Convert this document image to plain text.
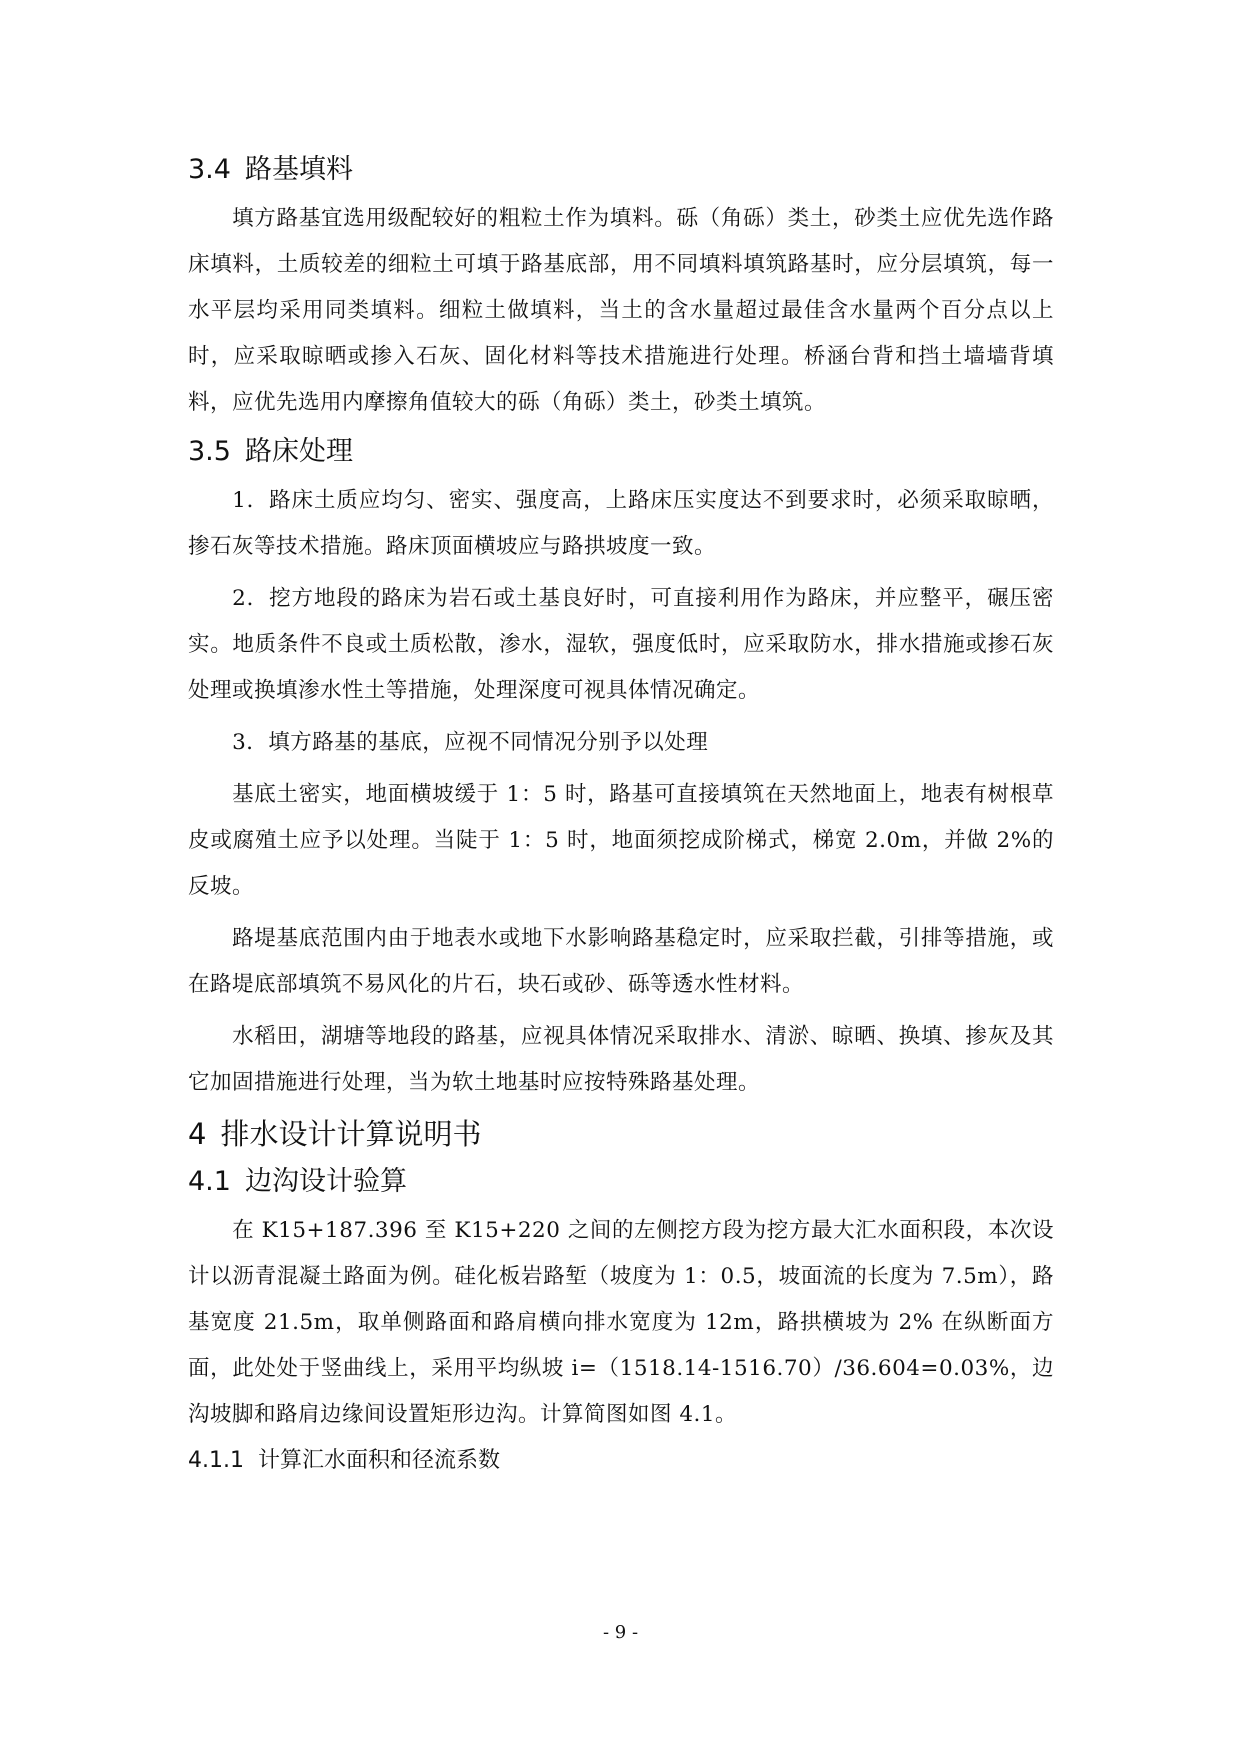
3.4 路基填料

填方路基宜选用级配较好的粗粒土作为填料。砾（角砾）类土，砂类土应优先选作路床填料，土质较差的细粒土可填于路基底部，用不同填料填筑路基时，应分层填筑，每一水平层均采用同类填料。细粒土做填料，当土的含水量超过最佳含水量两个百分点以上时，应采取晾晒或掺入石灰、固化材料等技术措施进行处理。桥涵台背和挡土墙墙背填料，应优先选用内摩擦角值较大的砾（角砾）类土，砂类土填筑。

3.5 路床处理

1．路床土质应均匀、密实、强度高，上路床压实度达不到要求时，必须采取晾晒，掺石灰等技术措施。路床顶面横坡应与路拱坡度一致。

2．挖方地段的路床为岩石或土基良好时，可直接利用作为路床，并应整平，碾压密实。地质条件不良或土质松散，渗水，湿软，强度低时，应采取防水，排水措施或掺石灰处理或换填渗水性土等措施，处理深度可视具体情况确定。

3．填方路基的基底，应视不同情况分别予以处理

基底土密实，地面横坡缓于 1：5 时，路基可直接填筑在天然地面上，地表有树根草皮或腐殖土应予以处理。当陡于 1：5 时，地面须挖成阶梯式，梯宽 2.0m，并做 2%的反坡。

路堤基底范围内由于地表水或地下水影响路基稳定时，应采取拦截，引排等措施，或在路堤底部填筑不易风化的片石，块石或砂、砾等透水性材料。

水稻田，湖塘等地段的路基，应视具体情况采取排水、清淤、晾晒、换填、掺灰及其它加固措施进行处理，当为软土地基时应按特殊路基处理。

4 排水设计计算说明书
4.1 边沟设计验算

在 K15+187.396 至 K15+220 之间的左侧挖方段为挖方最大汇水面积段，本次设计以沥青混凝土路面为例。硅化板岩路堑（坡度为 1：0.5，坡面流的长度为 7.5m），路基宽度 21.5m，取单侧路面和路肩横向排水宽度为 12m，路拱横坡为 2% 在纵断面方面，此处处于竖曲线上，采用平均纵坡 i=（1518.14-1516.70）/36.604=0.03%，边沟坡脚和路肩边缘间设置矩形边沟。计算简图如图 4.1。

4.1.1 计算汇水面积和径流系数
- 9 -
